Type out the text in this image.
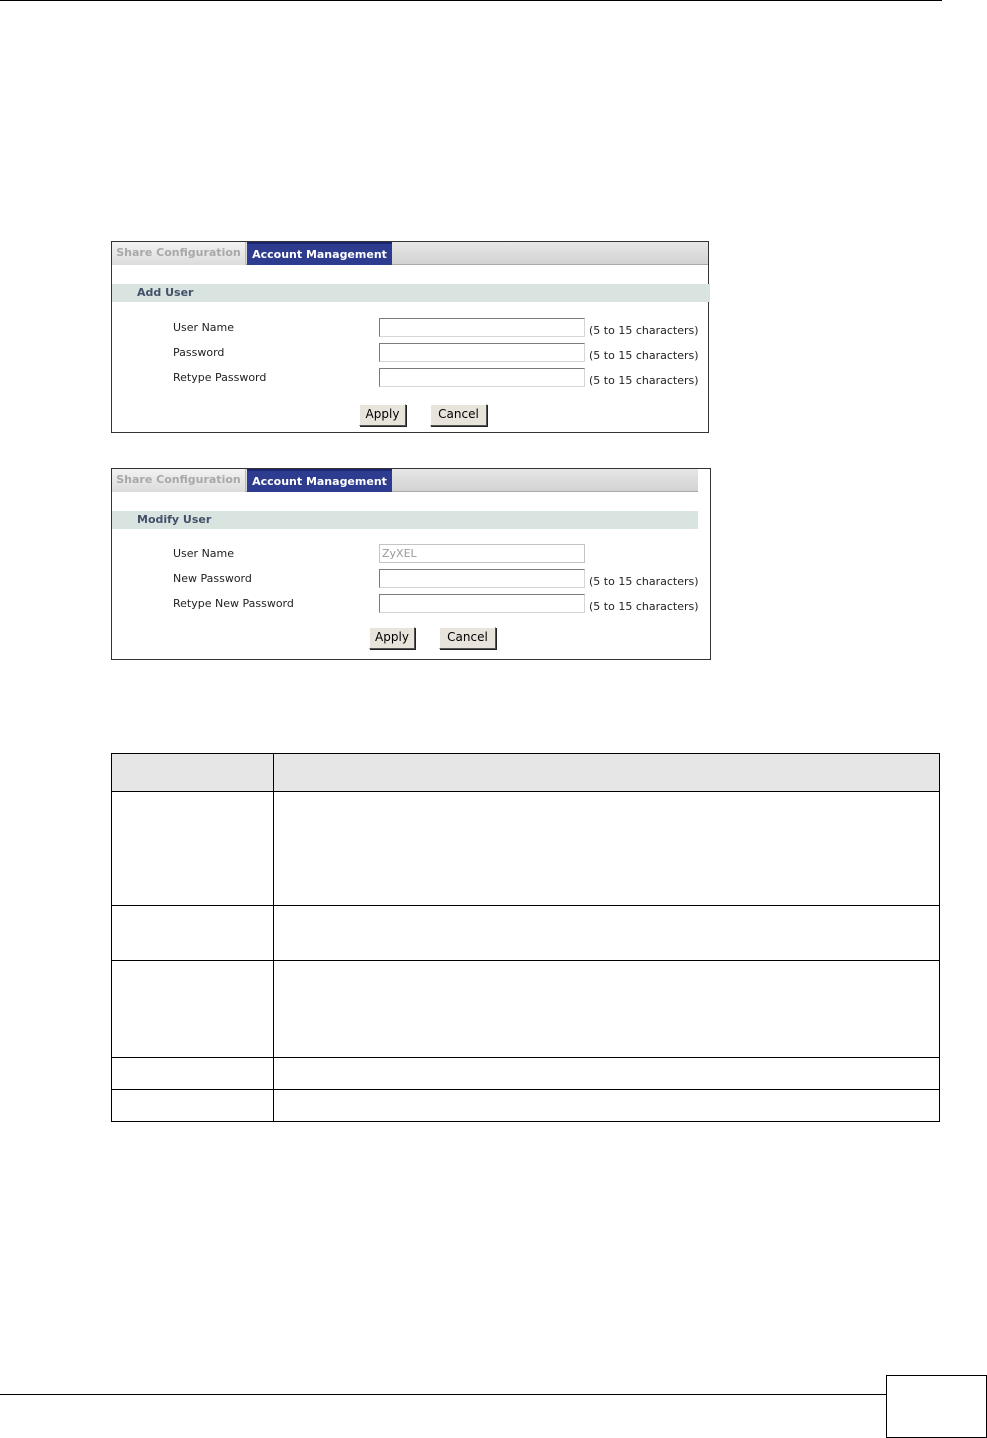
Share Configuration	Account Management
Add User
User Name	(5 to 15 characters)
Password	(5 to 15 characters)
Retype Password	(5 to 15 characters)
Apply	Cancel
Share Configuration	Account Management
Modify User
User Name	ZyXEL
New Password	(5 to 15 characters)
Retype New Password	(5 to 15 characters)
Apply	Cancel
